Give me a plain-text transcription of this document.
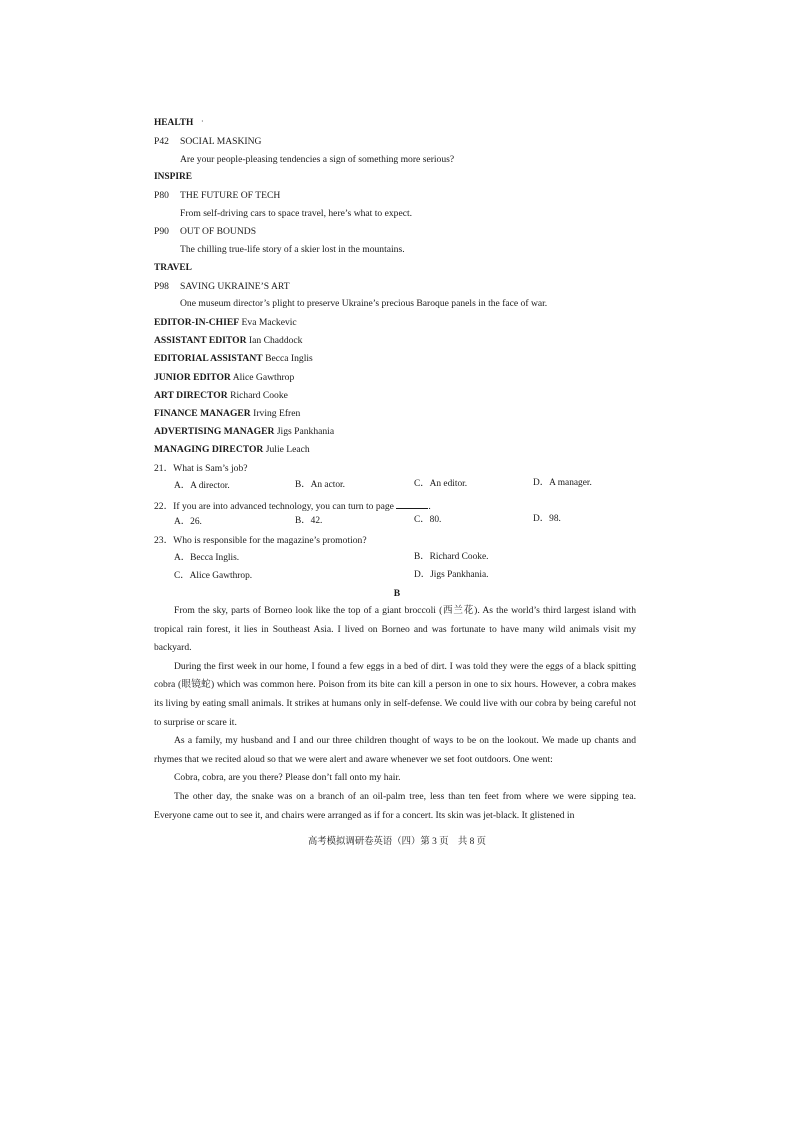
HEALTH ·
P42 SOCIAL MASKING
Are your people-pleasing tendencies a sign of something more serious?
INSPIRE
P80 THE FUTURE OF TECH
From self-driving cars to space travel, here’s what to expect.
P90 OUT OF BOUNDS
The chilling true-life story of a skier lost in the mountains.
TRAVEL
P98 SAVING UKRAINE’S ART
One museum director’s plight to preserve Ukraine’s precious Baroque panels in the face of war.
EDITOR-IN-CHIEF Eva Mackevic
ASSISTANT EDITOR Ian Chaddock
EDITORIAL ASSISTANT Becca Inglis
JUNIOR EDITOR Alice Gawthrop
ART DIRECTOR Richard Cooke
FINANCE MANAGER Irving Efren
ADVERTISING MANAGER Jigs Pankhania
MANAGING DIRECTOR Julie Leach
21．What is Sam’s job?
A．A director.	B．An actor.	C．An editor.	D．A manager.
22．If you are into advanced technology, you can turn to page	.
A．26.	B．42.	C．80.	D．98.
23．Who is responsible for the magazine’s promotion?
A．Becca Inglis.	B．Richard Cooke.
C．Alice Gawthrop.	D．Jigs Pankhania.
B

From the sky, parts of Borneo look like the top of a giant broccoli (西兰花). As the world’s third largest island with tropical rain forest, it lies in Southeast Asia. I lived on Borneo and was fortunate to have many wild animals visit my backyard.

During the first week in our home, I found a few eggs in a bed of dirt. I was told they were the eggs of a black spitting cobra (眼镜蛇) which was common here. Poison from its bite can kill a person in one to six hours. However, a cobra makes its living by eating small animals. It strikes at humans only in self-defense. We could live with our cobra by being careful not to surprise or scare it.

As a family, my husband and I and our three children thought of ways to be on the lookout. We made up chants and rhymes that we recited aloud so that we were alert and aware whenever we set foot outdoors. One went:

Cobra, cobra, are you there? Please don’t fall onto my hair.

The other day, the snake was on a branch of an oil-palm tree, less than ten feet from where we were sipping tea. Everyone came out to see it, and chairs were arranged as if for a concert. Its skin was jet-black. It glistened in

高考模拟调研卷英语（四）第 3 页　共 8 页
